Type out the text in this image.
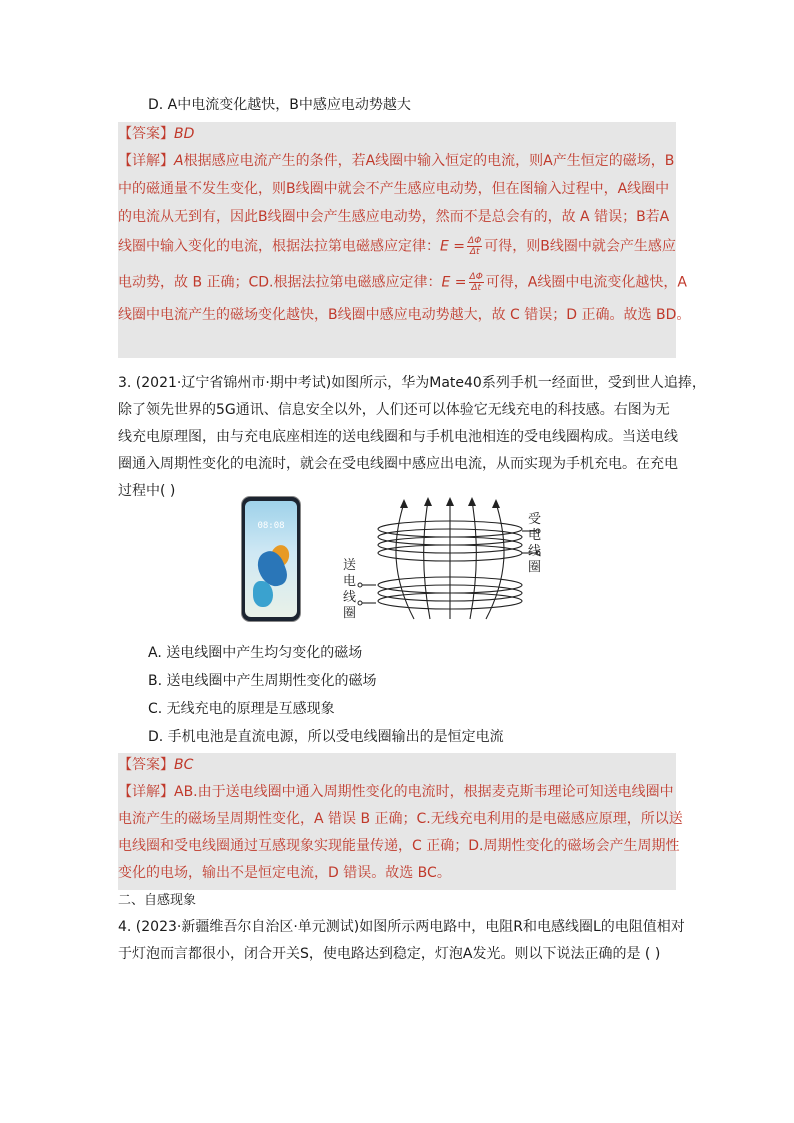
D. A中电流变化越快，B中感应电动势越大
【答案】BD
【详解】A根据感应电流产生的条件，若A线圈中输入恒定的电流，则A产生恒定的磁场，B
中的磁通量不发生变化，则B线圈中就会不产生感应电动势，但在图输入过程中，A线圈中
的电流从无到有，因此B线圈中会产生感应电动势，然而不是总会有的，故 A 错误；B若A
线圈中输入变化的电流，根据法拉第电磁感应定律：$E = \frac{\Delta\Phi}{\Delta t}$ 可得，则B线圈中就会产生感应
电动势，故 B 正确；CD.根据法拉第电磁感应定律：$E = \frac{\Delta\Phi}{\Delta t}$ 可得，A线圈中电流变化越快，A
线圈中电流产生的磁场变化越快，B线圈中感应电动势越大，故 C 错误；D 正确。故选 BD。
3. (2021·辽宁省锦州市·期中考试)如图所示，华为Mate40系列手机一经面世，受到世人追捧，
除了领先世界的5G通讯、信息安全以外，人们还可以体验它无线充电的科技感。右图为无
线充电原理图，由与充电底座相连的送电线圈和与手机电池相连的受电线圈构成。当送电线
圈通入周期性变化的电流时，就会在受电线圈中感应出电流，从而实现为手机充电。在充电
过程中( )
08:08	受
电
线
圈
送
电
线
圈
A. 送电线圈中产生均匀变化的磁场
B. 送电线圈中产生周期性变化的磁场
C. 无线充电的原理是互感现象
D. 手机电池是直流电源，所以受电线圈输出的是恒定电流
【答案】BC
【详解】AB.由于送电线圈中通入周期性变化的电流时，根据麦克斯韦理论可知送电线圈中
电流产生的磁场呈周期性变化，A 错误 B 正确；C.无线充电利用的是电磁感应原理，所以送
电线圈和受电线圈通过互感现象实现能量传递，C 正确；D.周期性变化的磁场会产生周期性
变化的电场，输出不是恒定电流，D 错误。故选 BC。
二、自感现象
4. (2023·新疆维吾尔自治区·单元测试)如图所示两电路中，电阻R和电感线圈L的电阻值相对
于灯泡而言都很小，闭合开关S，使电路达到稳定，灯泡A发光。则以下说法正确的是 ( )
